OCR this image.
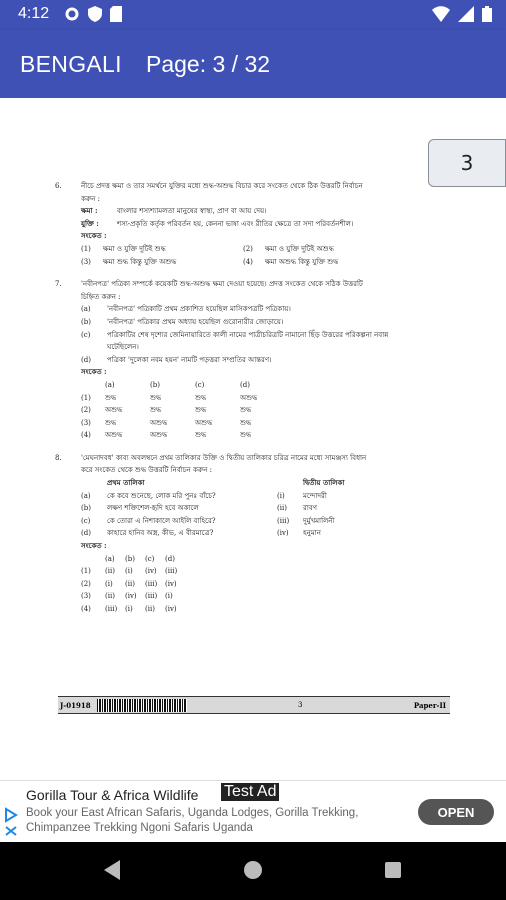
4:12
BENGALI Page: 3 / 32
3
6.	নীচে প্রদত্ত ক্ষমা ও তার সমর্থনে যুক্তির মধ্যে শুদ্ধ-অশুদ্ধ বিচার করে সংকেত থেকে ঠিক উত্তরটি নির্বাচন
করুন :
ক্ষমা :	বাংলার শস্যশ্যামলতা মানুষের স্বাস্থ্য, প্রাণ বা আয় দেয়।
যুক্তি :	শস্য-প্রকৃতি কর্তৃক পরিবর্তন হয়, কেননা ভাষা এবং রীতির ক্ষেত্রে তা সদা পরিবর্তনশীল।
সংকেত :
(1)	ক্ষমা ও যুক্তি দুটিই শুদ্ধ	(2)	ক্ষমা ও যুক্তি দুটিই অশুদ্ধ
(3)	ক্ষমা শুদ্ধ কিন্তু যুক্তি অশুদ্ধ	(4)	ক্ষমা অশুদ্ধ কিন্তু যুক্তি শুদ্ধ
7.	'নবীনপত্র' পত্রিকা সম্পর্কে কয়েকটি শুদ্ধ-অশুদ্ধ ক্ষমা দেওয়া হয়েছে। প্রদত্ত সংকেত থেকে সঠিক উত্তরটি
চিহ্নিত করুন :
(a)	'নবীনপত্র' পত্রিকাটি প্রথম প্রকাশিত হয়েছিল মাসিকপত্রটি পত্রিকায়।
(b)	'নবীনপত্র' পত্রিকার প্রথম অধ্যায় হয়েছিল গুরোনারীর জোড়ায়ে।
(c)	পত্রিকাটির শেষ দৃশ্যের জেমিনায়ারিতে কালী নামের পাত্রীচরিত্রটি নামানো ছিঁড় উত্তরের পরিকল্পনা নবান্ন
ঘটেছিলেন।
(d)	পত্রিকা 'দুলেকা নবম হয়ন' নামটি পড়ত্তরা সম্প্রতির আন্তরণ।
সংকেত :
(a)	(b)	(c)	(d)
(1)	শুদ্ধ	শুদ্ধ	শুদ্ধ	অশুদ্ধ
(2)	অশুদ্ধ	শুদ্ধ	শুদ্ধ	শুদ্ধ
(3)	শুদ্ধ	অশুদ্ধ	অশুদ্ধ	শুদ্ধ
(4)	অশুদ্ধ	অশুদ্ধ	শুদ্ধ	শুদ্ধ
8.	'মেঘনাদবধ' কাব্য অবলম্বনে প্রথম তালিকার উক্তি ও দ্বিতীয় তালিকার চরিত্র নামের মধ্যে সামঞ্জস্য বিধান
করে সংকেত থেকে শুদ্ধ উত্তরটি নির্বাচন করুন :
প্রথম তালিকা	দ্বিতীয় তালিকা
(a)	কে কবে শুনেছে, লোক মরি পুনঃ বাঁচে?	(i)	মন্দোদরী
(b)	লক্ষণ শক্তিশেল-হৃদি হবে অকালে	(ii)	রাবণ
(c)	কে তোরা এ নিশাকালে আইলি বাহিরে?	(iii)	দুর্মুখমালিনী
(d)	কাহারে হানিব অস্ত্র, কীভ, এ বীরমাত্রে?	(iv)	হনুমান
সংকেত :
(a)	(b)	(c)	(d)
(1)	(ii)	(i)	(iv)	(iii)
(2)	(i)	(ii)	(iii)	(iv)
(3)	(ii)	(iv)	(iii)	(i)
(4)	(iii)	(i)	(ii)	(iv)
J-01918	3	Paper-II
Gorilla Tour & Africa Wildlife Test Ad
Book your East African Safaris, Uganda Lodges, Gorilla Trekking, Chimpanzee Trekking Ngoni Safaris Uganda
OPEN
